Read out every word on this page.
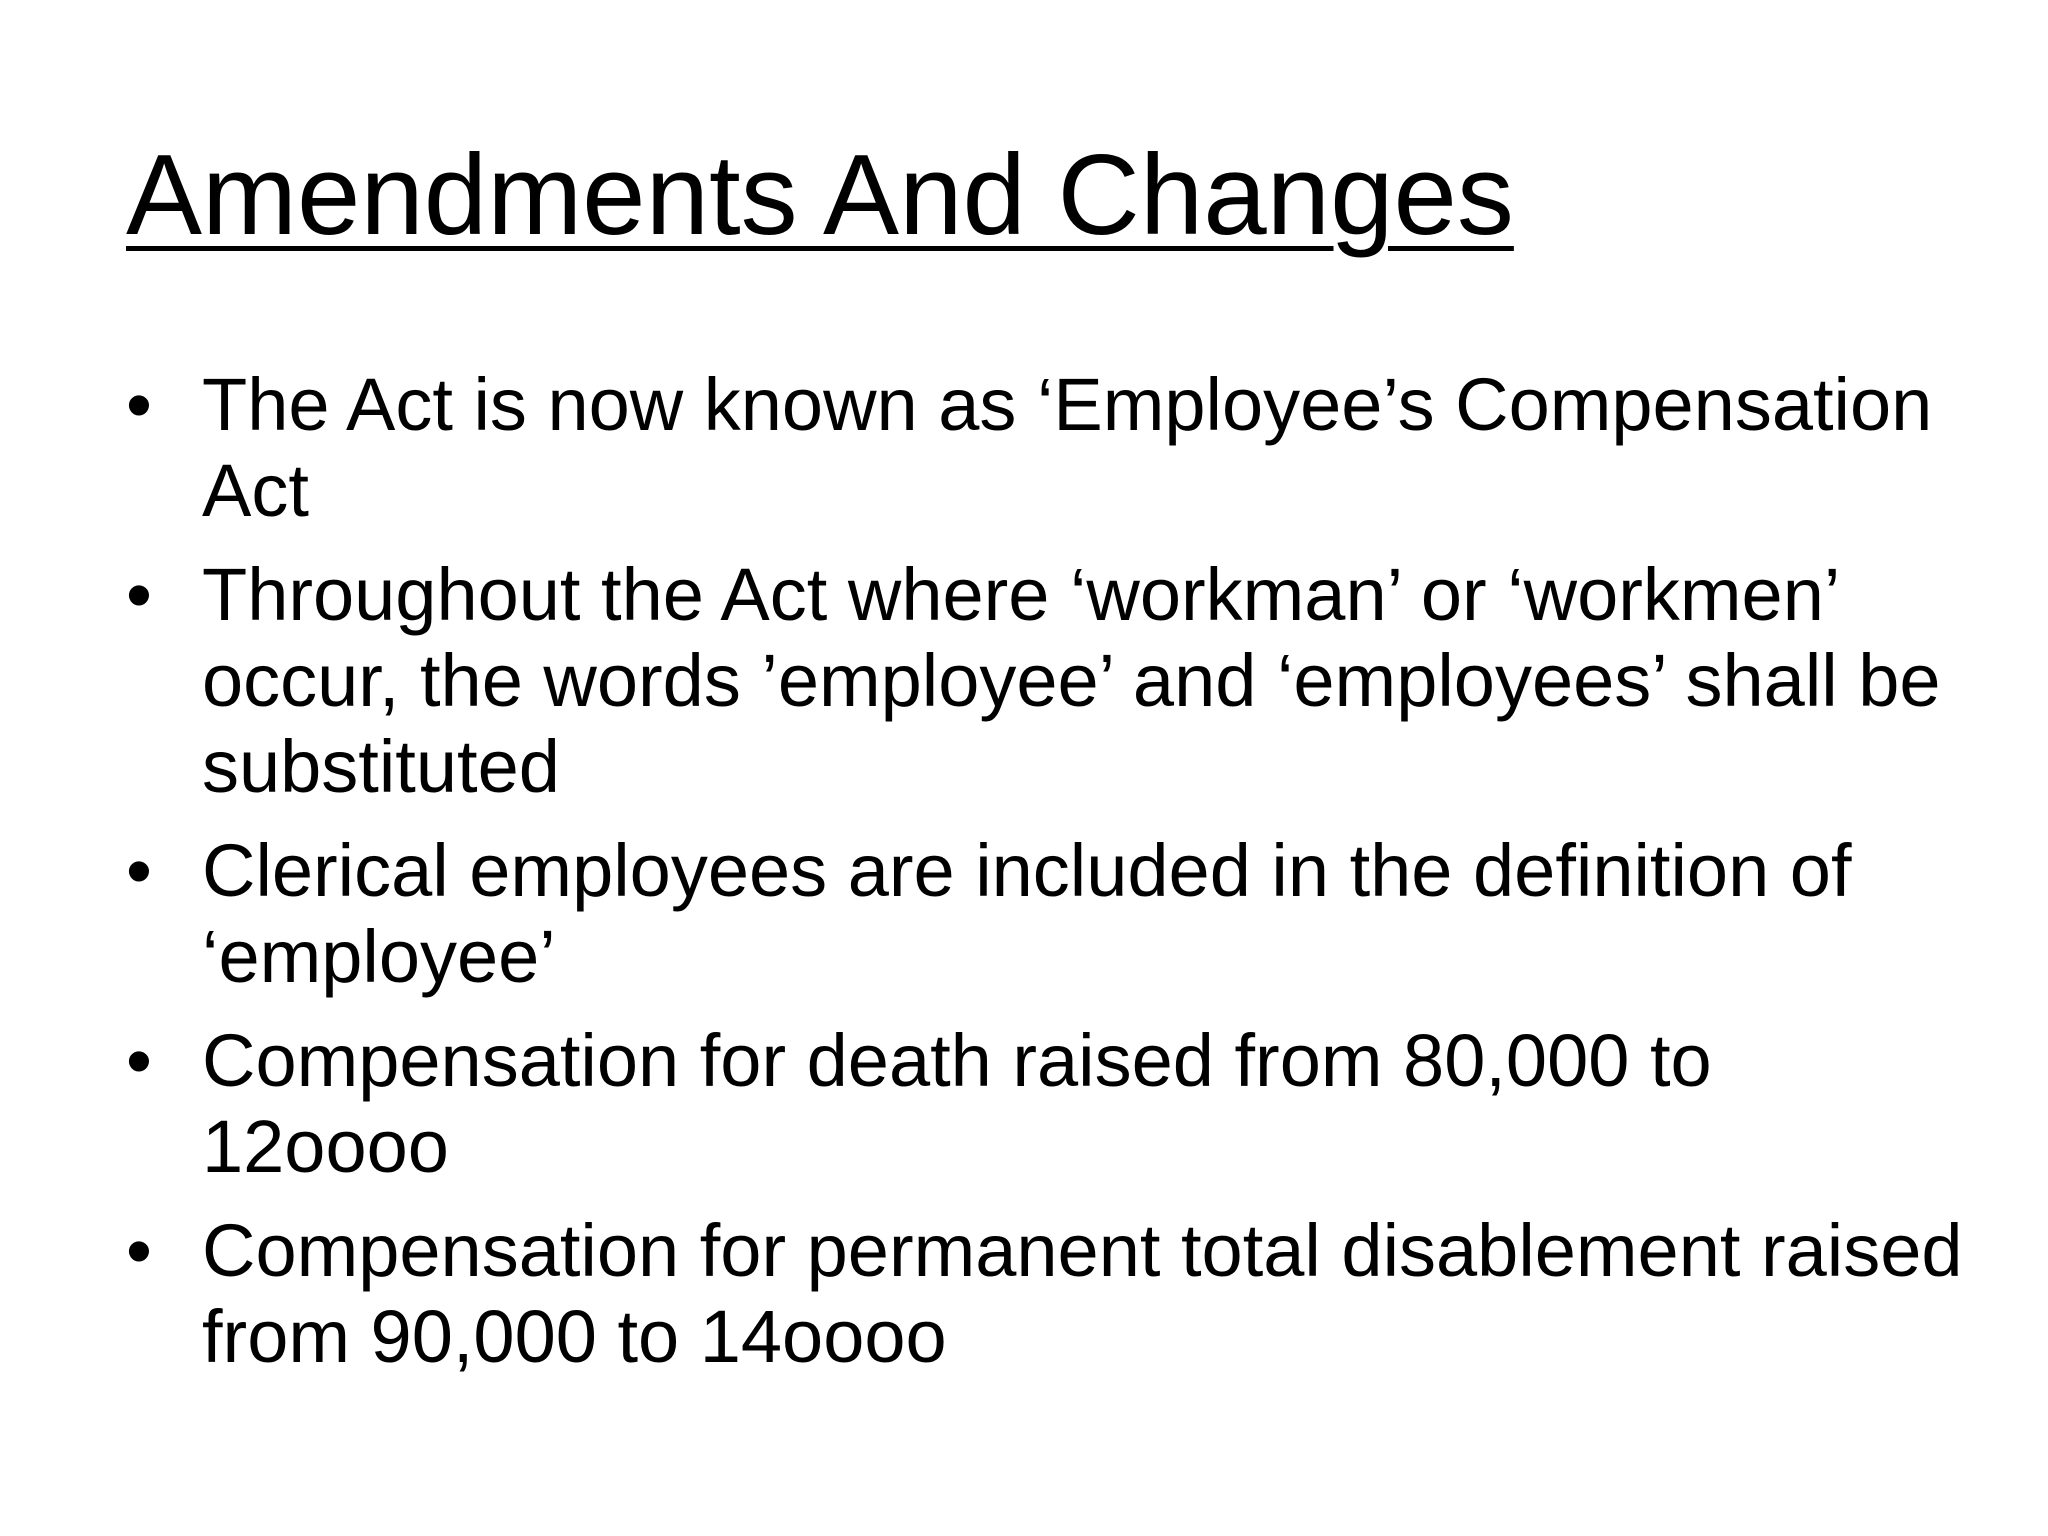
Amendments And Changes
• The Act is now known as ‘Employee’s Compensation Act
• Throughout the Act where ‘workman’ or ‘workmen’ occur, the words ’employee’ and ‘employees’ shall be substituted
• Clerical employees are included in the definition of ‘employee’
• Compensation for death raised from 80,000 to 12oooo
• Compensation for permanent total disablement raised from 90,000 to 14oooo
